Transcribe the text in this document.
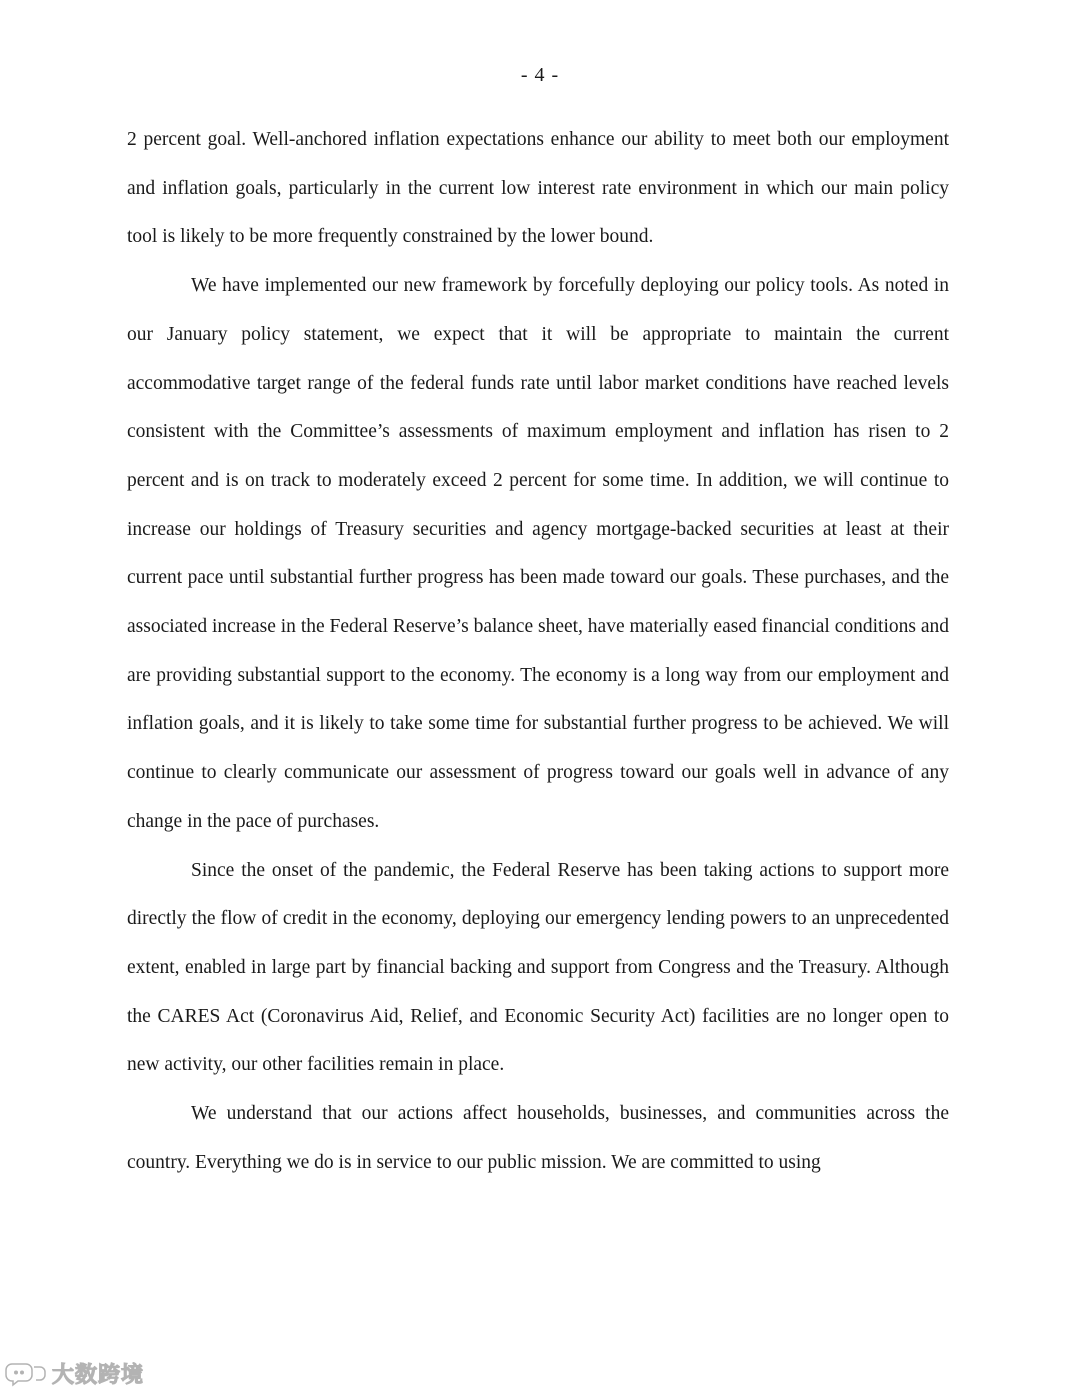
- 4 -

2 percent goal. Well-anchored inflation expectations enhance our ability to meet both our employment and inflation goals, particularly in the current low interest rate environment in which our main policy tool is likely to be more frequently constrained by the lower bound.

We have implemented our new framework by forcefully deploying our policy tools. As noted in our January policy statement, we expect that it will be appropriate to maintain the current accommodative target range of the federal funds rate until labor market conditions have reached levels consistent with the Committee’s assessments of maximum employment and inflation has risen to 2 percent and is on track to moderately exceed 2 percent for some time. In addition, we will continue to increase our holdings of Treasury securities and agency mortgage-backed securities at least at their current pace until substantial further progress has been made toward our goals. These purchases, and the associated increase in the Federal Reserve’s balance sheet, have materially eased financial conditions and are providing substantial support to the economy. The economy is a long way from our employment and inflation goals, and it is likely to take some time for substantial further progress to be achieved. We will continue to clearly communicate our assessment of progress toward our goals well in advance of any change in the pace of purchases.

Since the onset of the pandemic, the Federal Reserve has been taking actions to support more directly the flow of credit in the economy, deploying our emergency lending powers to an unprecedented extent, enabled in large part by financial backing and support from Congress and the Treasury. Although the CARES Act (Coronavirus Aid, Relief, and Economic Security Act) facilities are no longer open to new activity, our other facilities remain in place.

We understand that our actions affect households, businesses, and communities across the country. Everything we do is in service to our public mission. We are committed to using

大数跨境
